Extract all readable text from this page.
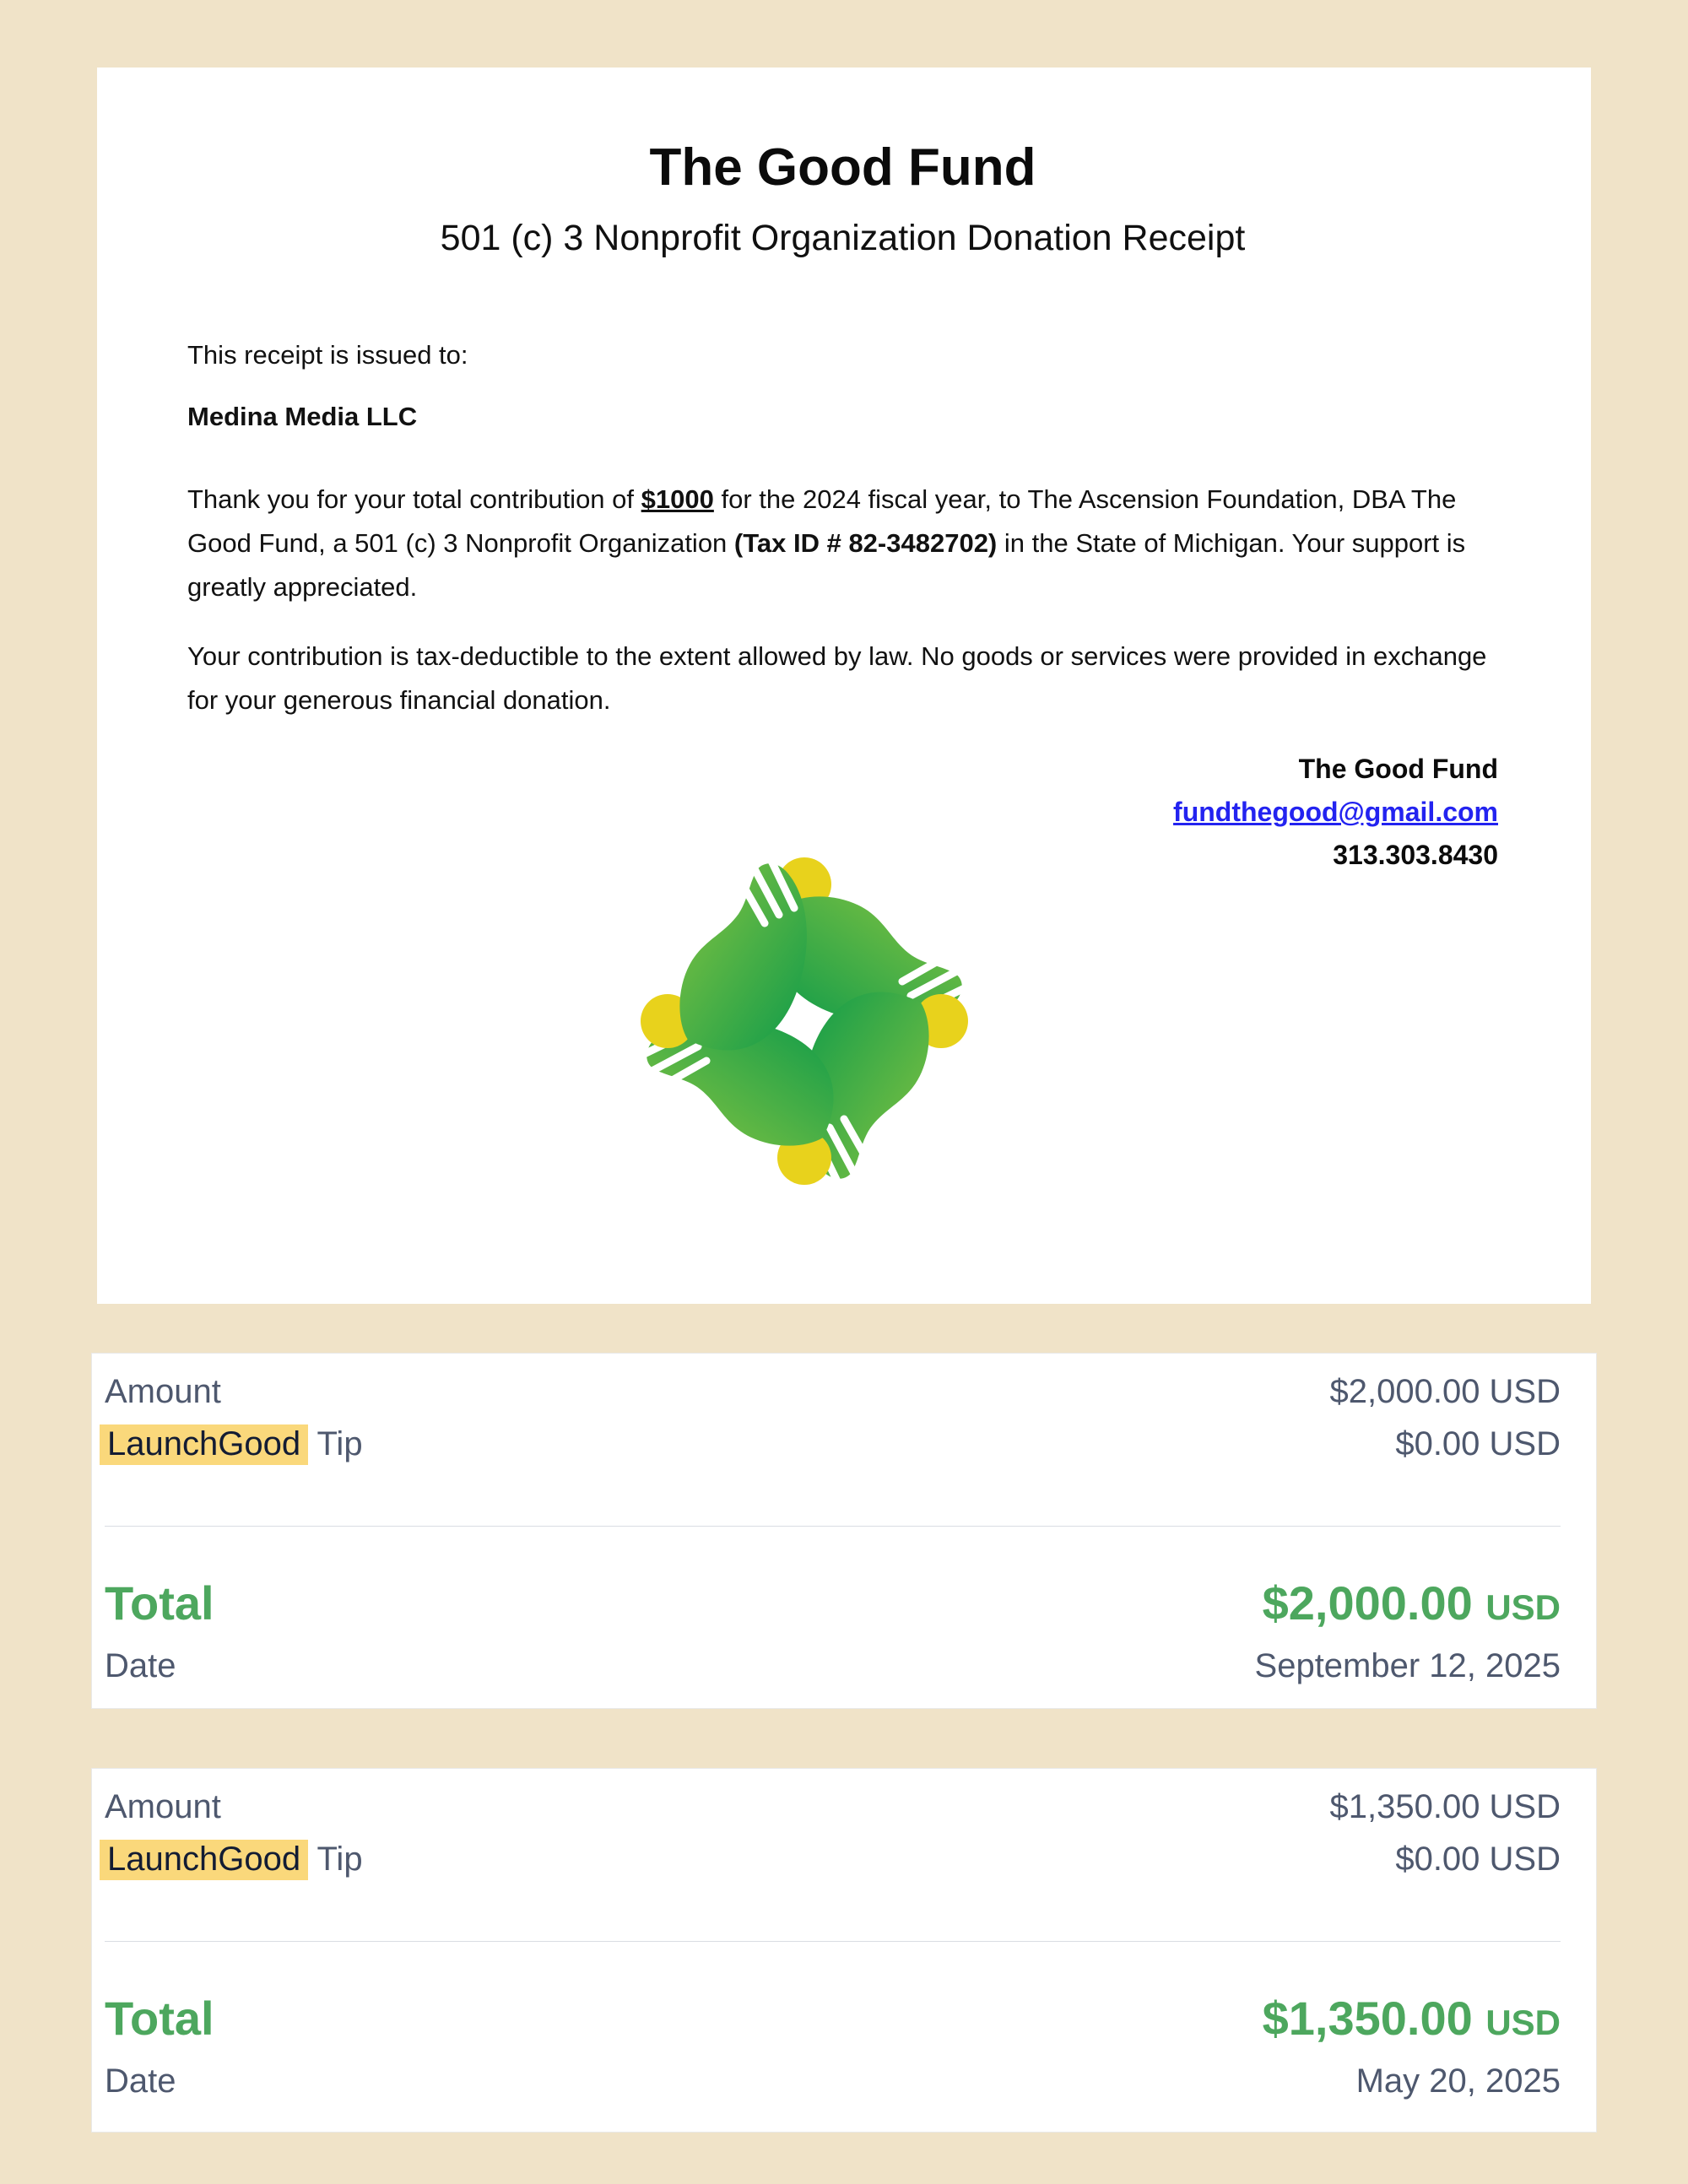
The Good Fund
501 (c) 3 Nonprofit Organization Donation Receipt

This receipt is issued to:

Medina Media LLC

Thank you for your total contribution of $1000 for the 2024 fiscal year, to The Ascension Foundation, DBA The Good Fund, a 501 (c) 3 Nonprofit Organization (Tax ID # 82-3482702) in the State of Michigan. Your support is greatly appreciated.

Your contribution is tax-deductible to the extent allowed by law. No goods or services were provided in exchange for your generous financial donation.

The Good Fund
fundthegood@gmail.com
313.303.8430
Amount	$2,000.00 USD
LaunchGood Tip	$0.00 USD
Total	$2,000.00 USD
Date	September 12, 2025
Amount	$1,350.00 USD
LaunchGood Tip	$0.00 USD
Total	$1,350.00 USD
Date	May 20, 2025
